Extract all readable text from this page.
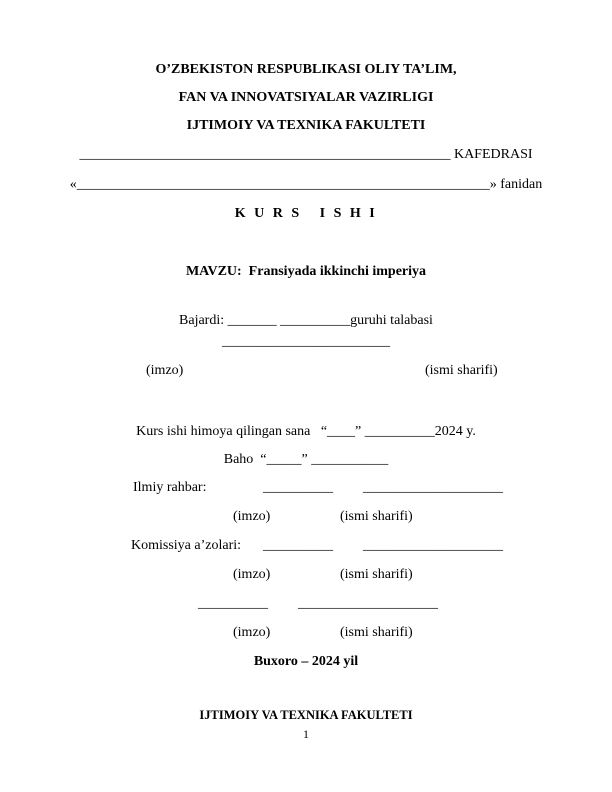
O’ZBEKISTON RESPUBLIKASI OLIY TA’LIM,
FAN VA INNOVATSIYALAR VAZIRLIGI
IJTIMOIY VA TEXNIKA FAKULTETI
_____________________________________________________ KAFEDRASI
«___________________________________________________________» fanidan
K U R S   I S H I
MAVZU:  Fransiyada ikkinchi imperiya
Bajardi: _______ __________guruhi talabasi
________________________
(imzo)	(ismi sharifi)
Kurs ishi himoya qilingan sana   “____” __________2024 y.
Baho  “_____” ___________
Ilmiy rahbar:	__________ ____________________
(imzo)	(ismi sharifi)
Komissiya a’zolari: __________ ____________________
(imzo)	(ismi sharifi)
__________ ____________________
(imzo)	(ismi sharifi)
Buxoro – 2024 yil
IJTIMOIY VA TEXNIKA FAKULTETI
1
